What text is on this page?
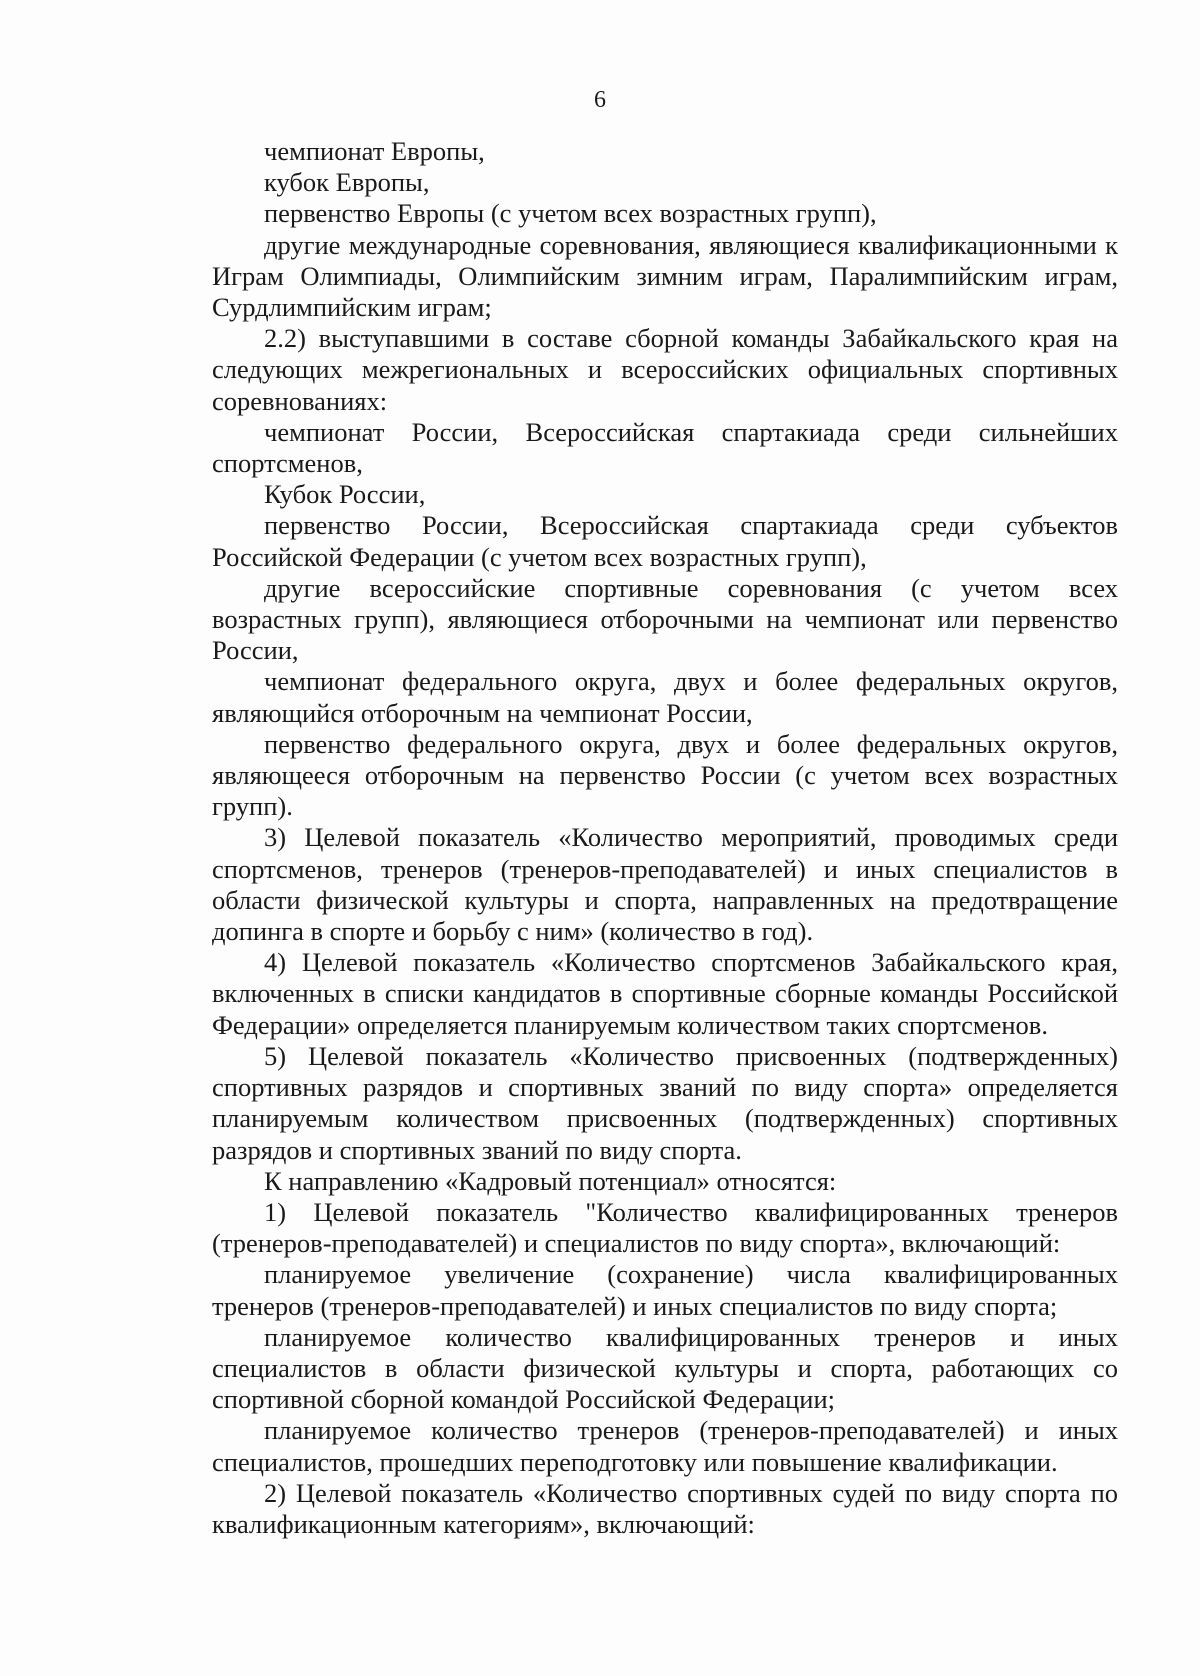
6

чемпионат Европы,

кубок Европы,

первенство Европы (с учетом всех возрастных групп),

другие международные соревнования, являющиеся квалификационными к Играм Олимпиады, Олимпийским зимним играм, Паралимпийским играм, Сурдлимпийским играм;

2.2) выступавшими в составе сборной команды Забайкальского края на следующих межрегиональных и всероссийских официальных спортивных соревнованиях:

чемпионат России, Всероссийская спартакиада среди сильнейших спортсменов,

Кубок России,

первенство России, Всероссийская спартакиада среди субъектов Российской Федерации (с учетом всех возрастных групп),

другие всероссийские спортивные соревнования (с учетом всех возрастных групп), являющиеся отборочными на чемпионат или первенство России,

чемпионат федерального округа, двух и более федеральных округов, являющийся отборочным на чемпионат России,

первенство федерального округа, двух и более федеральных округов, являющееся отборочным на первенство России (с учетом всех возрастных групп).

3) Целевой показатель «Количество мероприятий, проводимых среди спортсменов, тренеров (тренеров-преподавателей) и иных специалистов в области физической культуры и спорта, направленных на предотвращение допинга в спорте и борьбу с ним» (количество в год).

4) Целевой показатель «Количество спортсменов Забайкальского края, включенных в списки кандидатов в спортивные сборные команды Российской Федерации» определяется планируемым количеством таких спортсменов.

5) Целевой показатель «Количество присвоенных (подтвержденных) спортивных разрядов и спортивных званий по виду спорта» определяется планируемым количеством присвоенных (подтвержденных) спортивных разрядов и спортивных званий по виду спорта.

К направлению «Кадровый потенциал» относятся:

1) Целевой показатель "Количество квалифицированных тренеров (тренеров-преподавателей) и специалистов по виду спорта», включающий:

планируемое увеличение (сохранение) числа квалифицированных тренеров (тренеров-преподавателей) и иных специалистов по виду спорта;

планируемое количество квалифицированных тренеров и иных специалистов в области физической культуры и спорта, работающих со спортивной сборной командой Российской Федерации;

планируемое количество тренеров (тренеров-преподавателей) и иных специалистов, прошедших переподготовку или повышение квалификации.

2) Целевой показатель «Количество спортивных судей по виду спорта по квалификационным категориям», включающий:
